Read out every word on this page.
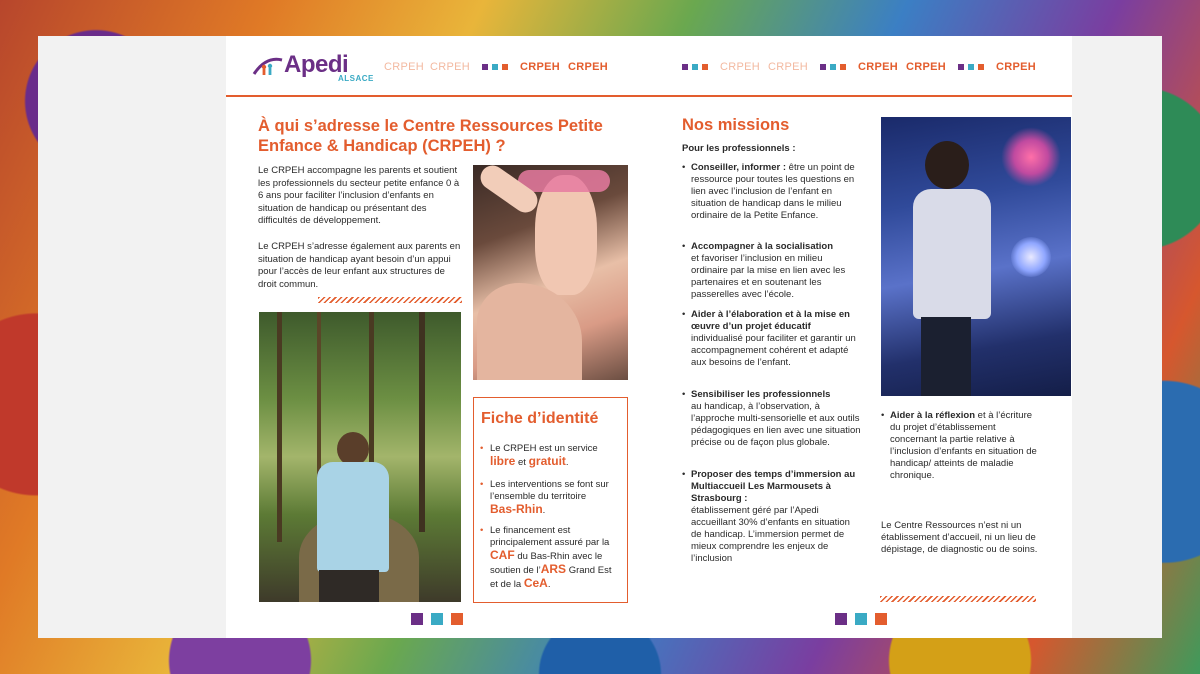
Apedi
ALSACE
CRPEH CRPEH	CRPEH CRPEH	CRPEH CRPEH	CRPEH CRPEH	CRPEH
À qui s’adresse le Centre Ressources Petite Enfance & Handicap (CRPEH) ?

Le CRPEH accompagne les parents et soutient les professionnels du secteur petite enfance 0 à 6 ans pour faciliter l’inclusion d’enfants en situation de handicap ou présentant des difficultés de développement.

Le CRPEH s’adresse également aux parents en situation de handicap ayant besoin d’un appui pour l’accès de leur enfant aux structures de droit commun.

Fiche d’identité
• Le CRPEH est un service
libre et gratuit.
• Les interventions se font sur l’ensemble du territoire
Bas-Rhin.
• Le financement est principalement assuré par la CAF du Bas-Rhin avec le soutien de l’ARS Grand Est et de la CeA.
Nos missions

Pour les professionnels :

• Conseiller, informer : être un point de ressource pour toutes les questions en lien avec l’inclusion de l’enfant en situation de handicap dans le milieu ordinaire de la Petite Enfance.
• Accompagner à la socialisation
et favoriser l’inclusion en milieu ordinaire par la mise en lien avec les partenaires et en soutenant les passerelles avec l’école.
• Aider à l’élaboration et à la mise en œuvre d’un projet éducatif
individualisé pour faciliter et garantir un accompagnement cohérent et adapté aux besoins de l’enfant.
• Sensibiliser les professionnels
au handicap, à l’observation, à l’approche multi-sensorielle et aux outils pédagogiques en lien avec une situation précise ou de façon plus globale.
• Proposer des temps d’immersion au Multiaccueil Les Marmousets à Strasbourg :
établissement géré par l’Apedi accueillant 30% d’enfants en situation de handicap. L’immersion permet de mieux comprendre les enjeux de l’inclusion
• Aider à la réflexion et à l’écriture du projet d’établissement concernant la partie relative à l’inclusion d’enfants en situation de handicap/ atteints de maladie chronique.

Le Centre Ressources n’est ni un établissement d’accueil, ni un lieu de dépistage, de diagnostic ou de soins.
